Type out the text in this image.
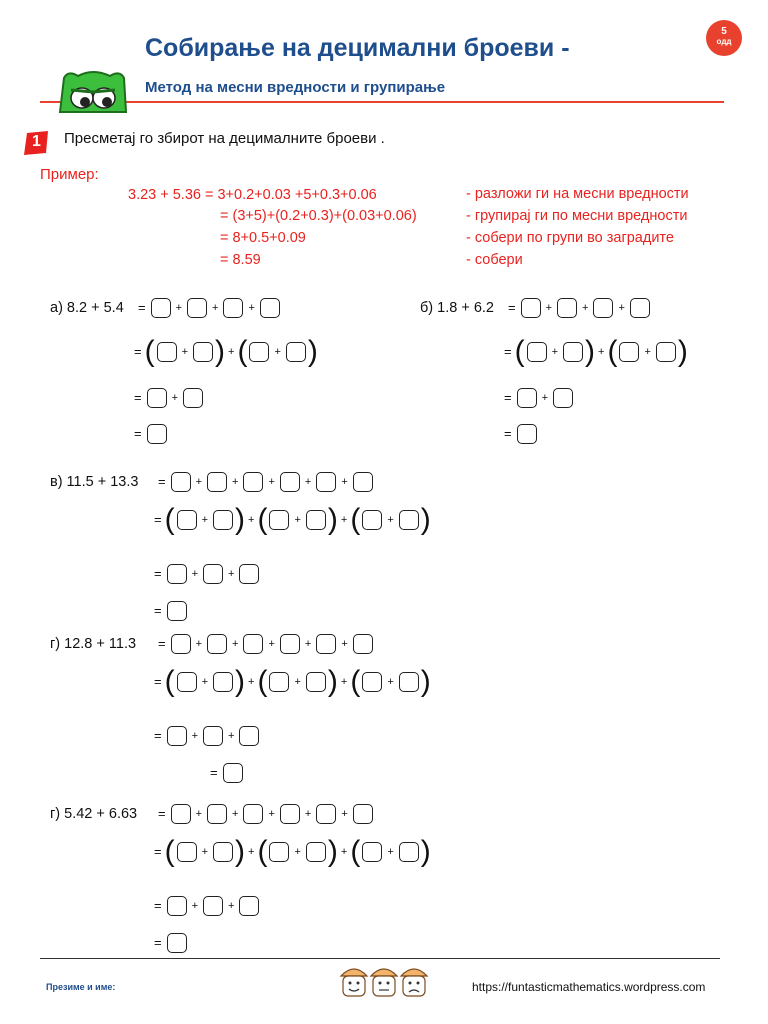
Собирање на децимални броеви -
Метод на месни вредности и групирање
5
одд
1 Пресметај го збирот на децималните броеви .
Пример:
3.23 + 5.36 = 3+0.2+0.03 +5+0.3+0.06
= (3+5)+(0.2+0.3)+(0.03+0.06)
= 8+0.5+0.09
= 8.59
- разложи ги на месни вредности
- групирај ги по месни вредности
- собери по групи во заградите
- собери
а) 8.2 + 5.4 =	+	+	+
= ( + ) + ( + )
=	+
=
б) 1.8 + 6.2 =	+	+	+
= ( + ) + ( + )
=	+
=
в) 11.5 + 13.3 =	+	+	+	+	+
= ( + ) + ( + ) + ( + )
=	+	+
=
г) 12.8 + 11.3 =	+	+	+	+	+
= ( + ) + ( + ) + ( + )
=	+	+
=
г) 5.42 + 6.63 =	+	+	+	+	+
= ( + ) + ( + ) + ( + )
=	+	+
=
Презиме и име:	https://funtasticmathematics.wordpress.com
